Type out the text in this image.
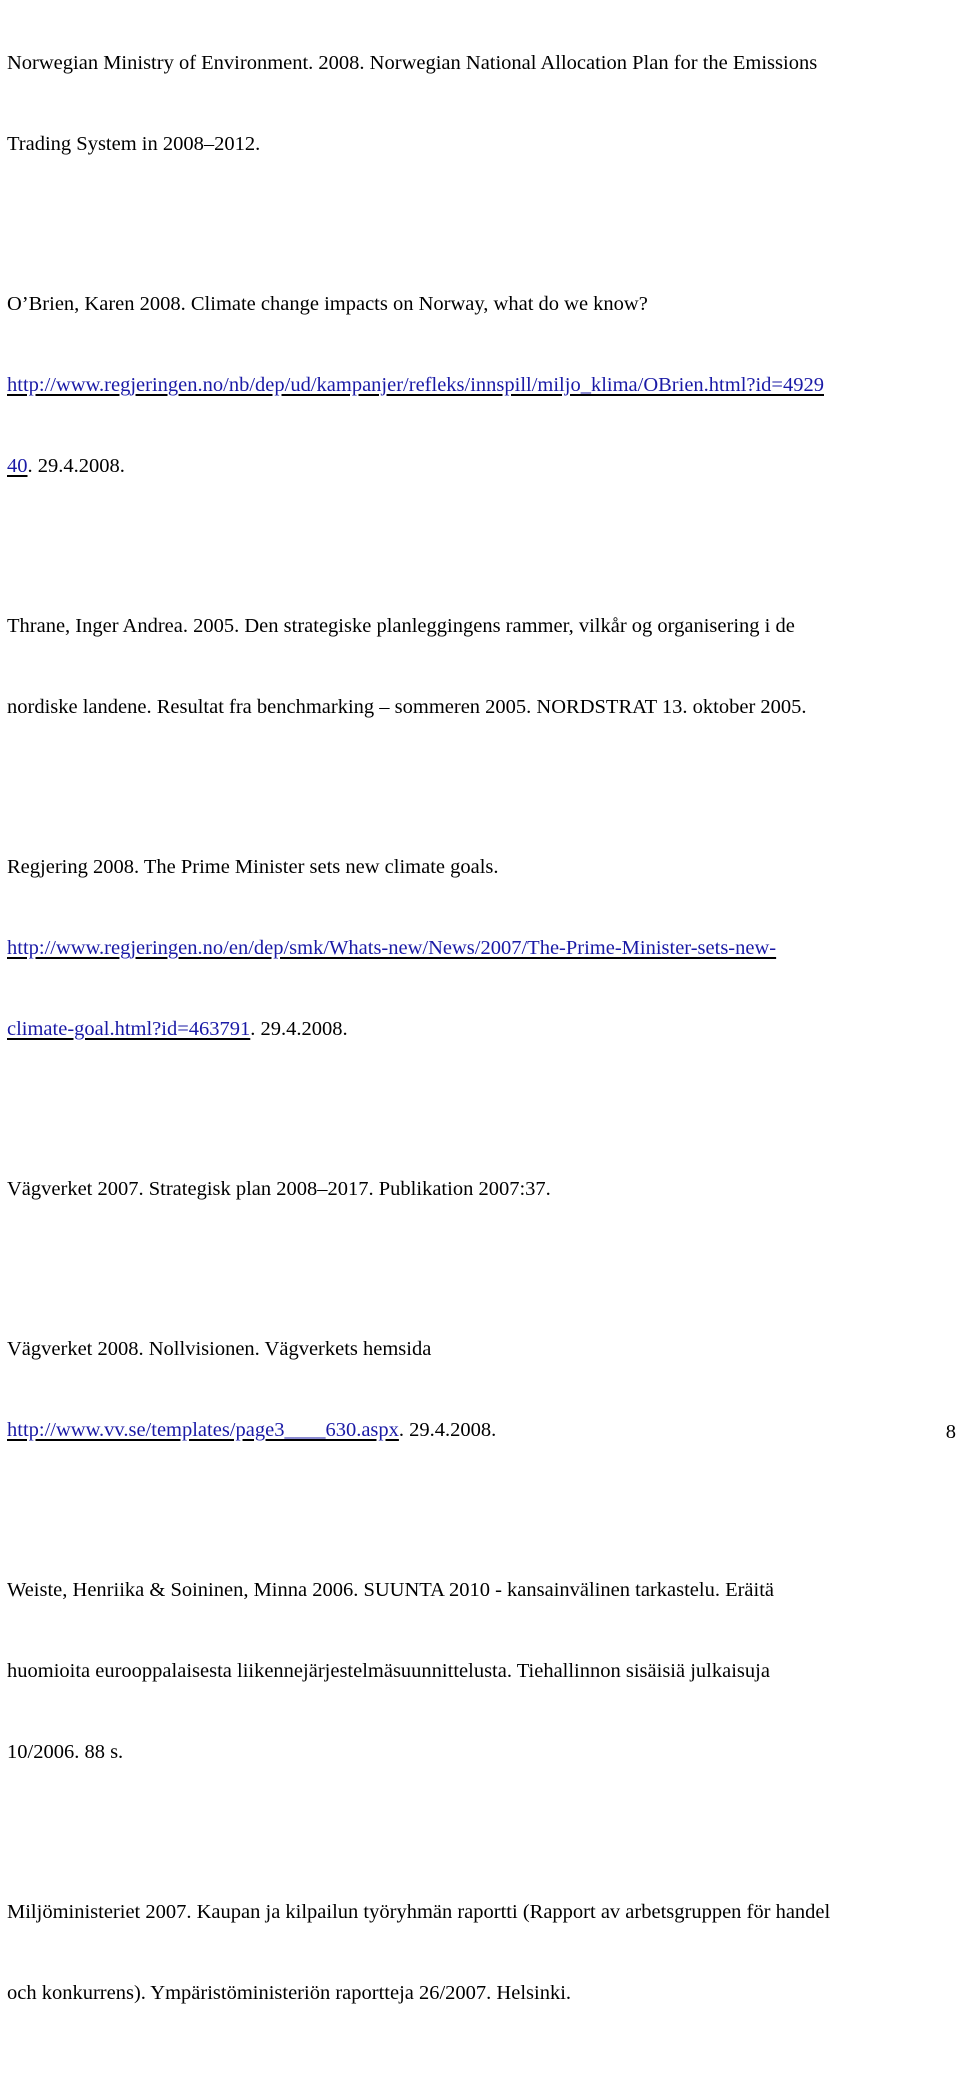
Norwegian Ministry of Environment. 2008. Norwegian National Allocation Plan for the Emissions

Trading System in 2008–2012.

O’Brien, Karen 2008. Climate change impacts on Norway, what do we know?

http://www.regjeringen.no/nb/dep/ud/kampanjer/refleks/innspill/miljo_klima/OBrien.html?id=4929

40. 29.4.2008.

Thrane, Inger Andrea. 2005. Den strategiske planleggingens rammer, vilkår og organisering i de

nordiske landene. Resultat fra benchmarking – sommeren 2005. NORDSTRAT 13. oktober 2005.

Regjering 2008. The Prime Minister sets new climate goals.

http://www.regjeringen.no/en/dep/smk/Whats-new/News/2007/The-Prime-Minister-sets-new-

climate-goal.html?id=463791. 29.4.2008.

Vägverket 2007. Strategisk plan 2008–2017. Publikation 2007:37.

Vägverket 2008. Nollvisionen. Vägverkets hemsida

http://www.vv.se/templates/page3____630.aspx. 29.4.2008.

Weiste, Henriika & Soininen, Minna 2006. SUUNTA 2010 - kansainvälinen tarkastelu. Eräitä

huomioita eurooppalaisesta liikennejärjestelmäsuunnittelusta. Tiehallinnon sisäisiä julkaisuja

10/2006. 88 s.

Miljöministeriet 2007. Kaupan ja kilpailun työryhmän raportti (Rapport av arbetsgruppen för handel

och konkurrens). Ympäristöministeriön raportteja 26/2007. Helsinki.

8
